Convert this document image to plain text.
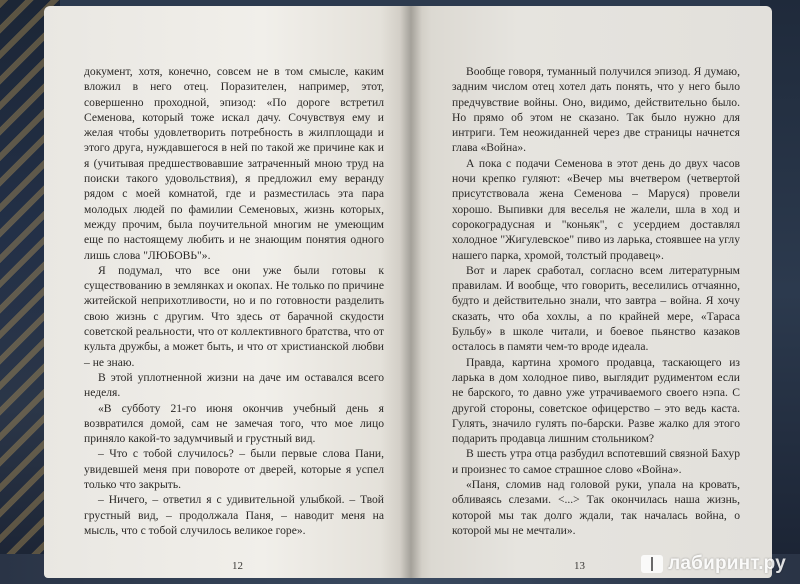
документ, хотя, конечно, совсем не в том смысле, каким вложил в него отец. Поразителен, например, этот, совершенно проходной, эпизод: «По дороге встретил Семенова, который тоже искал дачу. Сочувствуя ему и желая чтобы удовлетворить потребность в жилплощади и этого друга, нуждавшегося в ней по такой же причине как и я (учитывая предшествовавшие затраченный мною труд на поиски такого удовольствия), я предложил ему веранду рядом с моей комнатой, где и разместилась эта пара молодых людей по фамилии Семеновых, жизнь которых, между прочим, была поучительной многим не умеющим еще по настоящему любить и не знающим понятия одного лишь слова "ЛЮБОВЬ"».

Я подумал, что все они уже были готовы к существованию в землянках и окопах. Не только по причине житейской неприхотливости, но и по готовности разделить свою жизнь с другим. Что здесь от барачной скудости советской реальности, что от коллективного братства, что от культа дружбы, а может быть, и что от христианской любви – не знаю.

В этой уплотненной жизни на даче им оставался всего неделя.

«В субботу 21-го июня окончив учебный день я возвратился домой, сам не замечая того, что мое лицо приняло какой-то задумчивый и грустный вид.

– Что с тобой случилось? – были первые слова Пани, увидевшей меня при повороте от дверей, которые я успел только что закрыть.

– Ничего, – ответил я с удивительной улыбкой. – Твой грустный вид, – продолжала Паня, – наводит меня на мысль, что с тобой случилось великое горе».

12

Вообще говоря, туманный получился эпизод. Я думаю, задним числом отец хотел дать понять, что у него было предчувствие войны. Оно, видимо, действительно было. Но прямо об этом не сказано. Так было нужно для интриги. Тем неожиданней через две страницы начнется глава «Война».

А пока с подачи Семенова в этот день до двух часов ночи крепко гуляют: «Вечер мы вчетвером (четвертой присутствовала жена Семенова – Маруся) провели хорошо. Выпивки для веселья не жалели, шла в ход и сорокоградусная и "коньяк", с усердием доставлял холодное "Жигулевское" пиво из ларька, стоявшее на углу нашего парка, хромой, толстый продавец».

Вот и ларек сработал, согласно всем литературным правилам. И вообще, что говорить, веселились отчаянно, будто и действительно знали, что завтра – война. Я хочу сказать, что оба хохлы, а по крайней мере, «Тараса Бульбу» в школе читали, и боевое пьянство казаков осталось в памяти чем-то вроде идеала.

Правда, картина хромого продавца, таскающего из ларька в дом холодное пиво, выглядит рудиментом если не барского, то давно уже утрачиваемого своего нэпа. С другой стороны, советское офицерство – это ведь каста. Гулять, значило гулять по-барски. Разве жалко для этого подарить продавца лишним стольником?

В шесть утра отца разбудил вспотевший связной Бахур и произнес то самое страшное слово «Война».

«Паня, сломив над головой руки, упала на кровать, обливаясь слезами. <...> Так окончилась наша жизнь, которой мы так долго ждали, так началась война, о которой мы не мечтали».

13	лабиринт.ру
